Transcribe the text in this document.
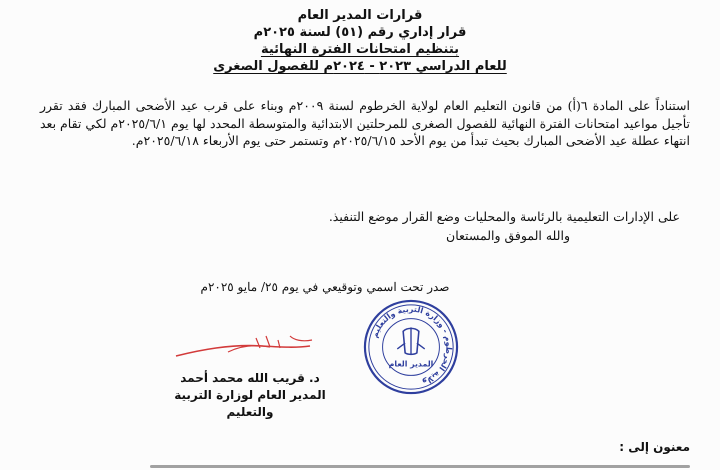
قرارات المدير العام
قرار إداري رقم (٥١) لسنة ٢٠٢٥م
بتنظيم امتحانات الفترة النهائية
للعام الدراسي ٢٠٢٣ - ٢٠٢٤م للفصول الصغرى

استناداً على المادة ٦(أ) من قانون التعليم العام لولاية الخرطوم لسنة ٢٠٠٩م وبناء على قرب عيد الأضحى المبارك فقد تقرر تأجيل مواعيد امتحانات الفترة النهائية للفصول الصغرى للمرحلتين الابتدائية والمتوسطة المحدد لها يوم ٢٠٢٥/٦/١م لكي تقام بعد انتهاء عطلة عيد الأضحى المبارك بحيث تبدأ من يوم الأحد ٢٠٢٥/٦/١٥م وتستمر حتى يوم الأربعاء ٢٠٢٥/٦/١٨م.

على الإدارات التعليمية بالرئاسة والمحليات وضع القرار موضع التنفيذ.

والله الموفق والمستعان

صدر تحت اسمي وتوقيعي في يوم ٢٥/ مايو ٢٠٢٥م
د. قريب الله محمد أحمد
المدير العام لوزارة التربية والتعليم
ولاية الخرطوم - وزارة التربية والتعليم
المدير العام
معنون إلى :
